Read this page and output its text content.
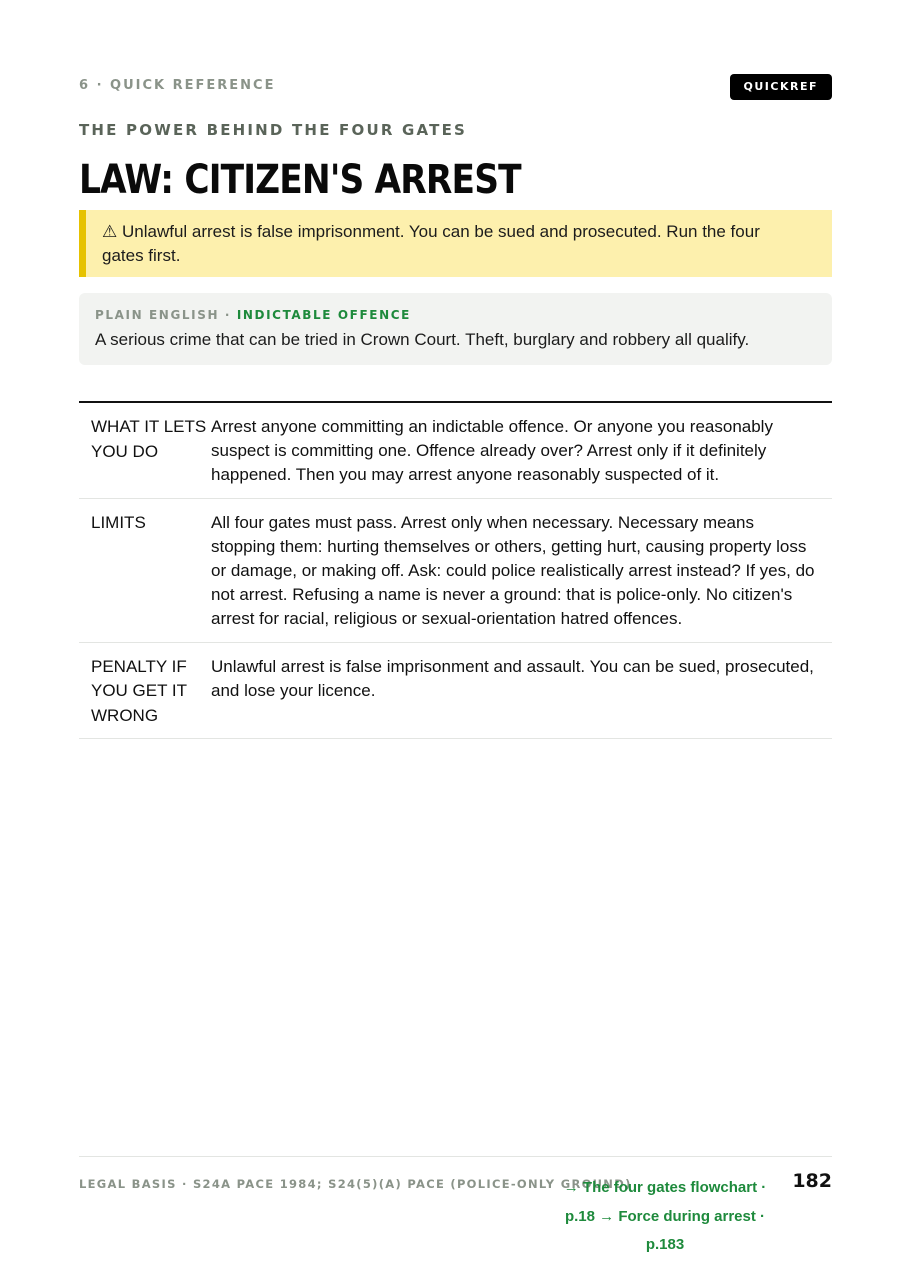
6 · QUICK REFERENCE	QUICKREF
THE POWER BEHIND THE FOUR GATES
LAW: CITIZEN'S ARREST
⚠ Unlawful arrest is false imprisonment. You can be sued and prosecuted. Run the four gates first.
PLAIN ENGLISH · INDICTABLE OFFENCE
A serious crime that can be tried in Crown Court. Theft, burglary and robbery all qualify.
WHAT IT LETS YOU DO
Arrest anyone committing an indictable offence. Or anyone you reasonably suspect is committing one. Offence already over? Arrest only if it definitely happened. Then you may arrest anyone reasonably suspected of it.
LIMITS	All four gates must pass. Arrest only when necessary. Necessary means stopping them: hurting themselves or others, getting hurt, causing property loss or damage, or making off. Ask: could police realistically arrest instead? If yes, do not arrest. Refusing a name is never a ground: that is police-only. No citizen's arrest for racial, religious or sexual-orientation hatred offences.
PENALTY IF YOU GET IT WRONG
Unlawful arrest is false imprisonment and assault. You can be sued, prosecuted, and lose your licence.
LEGAL BASIS · S24A PACE 1984; S24(5)(A) PACE (POLICE-ONLY GROUND)
→ The four gates flowchart · p.18 → Force during arrest · p.183
182
